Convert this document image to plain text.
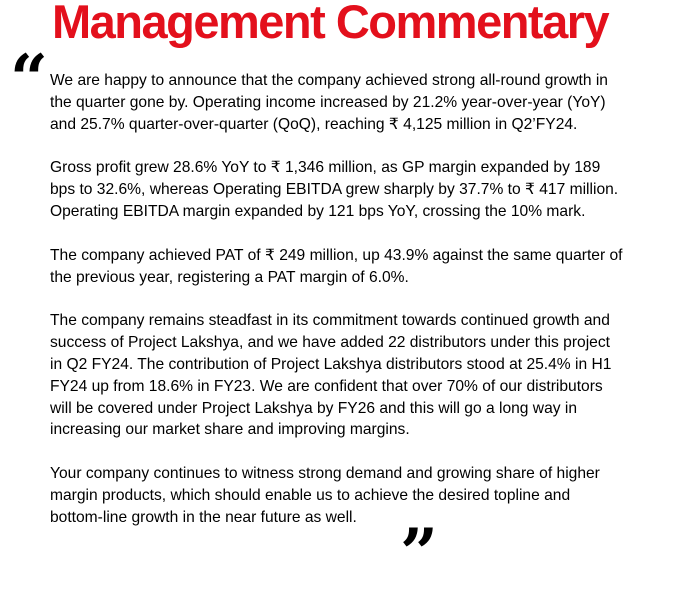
Management Commentary
“ We are happy to announce that the company achieved strong all-round growth in
the quarter gone by. Operating income increased by 21.2% year-over-year (YoY)
and 25.7% quarter-over-quarter (QoQ), reaching ₹ 4,125 million in Q2’FY24.

Gross profit grew 28.6% YoY to ₹ 1,346 million, as GP margin expanded by 189
bps to 32.6%, whereas Operating EBITDA grew sharply by 37.7% to ₹ 417 million.
Operating EBITDA margin expanded by 121 bps YoY, crossing the 10% mark.

The company achieved PAT of ₹ 249 million, up 43.9% against the same quarter of
the previous year, registering a PAT margin of 6.0%.

The company remains steadfast in its commitment towards continued growth and
success of Project Lakshya, and we have added 22 distributors under this project
in Q2 FY24. The contribution of Project Lakshya distributors stood at 25.4% in H1
FY24 up from 18.6% in FY23. We are confident that over 70% of our distributors
will be covered under Project Lakshya by FY26 and this will go a long way in
increasing our market share and improving margins.

Your company continues to witness strong demand and growing share of higher
margin products, which should enable us to achieve the desired topline and
bottom-line growth in the near future as well. ”
